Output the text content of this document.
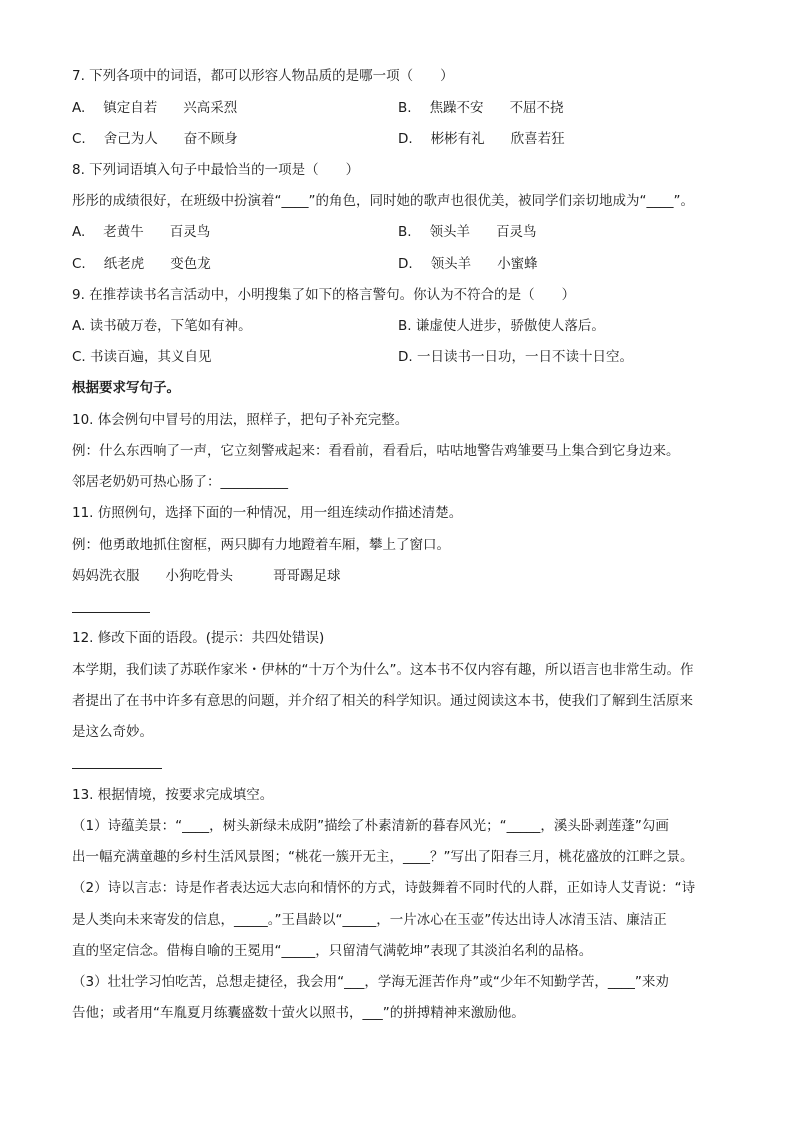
7. 下列各项中的词语，都可以形容人物品质的是哪一项（　　）
A. 镇定自若 兴高采烈	B. 焦躁不安 不屈不挠
C. 舍己为人 奋不顾身	D. 彬彬有礼 欣喜若狂
8. 下列词语填入句子中最恰当的一项是（　　）
彤彤的成绩很好，在班级中扮演着“____”的角色，同时她的歌声也很优美，被同学们亲切地成为“____”。
A. 老黄牛 百灵鸟	B. 领头羊 百灵鸟
C. 纸老虎 变色龙	D. 领头羊 小蜜蜂
9. 在推荐读书名言活动中，小明搜集了如下的格言警句。你认为不符合的是（　　）
A. 读书破万卷，下笔如有神。	B. 谦虚使人进步，骄傲使人落后。
C. 书读百遍，其义自见	D. 一日读书一日功，一日不读十日空。
根据要求写句子。
10. 体会例句中冒号的用法，照样子，把句子补充完整。
例：什么东西响了一声，它立刻警戒起来：看看前，看看后，咕咕地警告鸡雏要马上集合到它身边来。
邻居老奶奶可热心肠了：__________
11. 仿照例句，选择下面的一种情况，用一组连续动作描述清楚。
例：他勇敢地抓住窗框，两只脚有力地蹬着车厢，攀上了窗口。
妈妈洗衣服 小狗吃骨头	哥哥踢足球
12. 修改下面的语段。(提示：共四处错误)
本学期，我们读了苏联作家米・伊林的“十万个为什么”。这本书不仅内容有趣，所以语言也非常生动。作
者提出了在书中许多有意思的问题，并介绍了相关的科学知识。通过阅读这本书，使我们了解到生活原来
是这么奇妙。
13. 根据情境，按要求完成填空。
（1）诗蕴美景：“____，树头新绿未成阴”描绘了朴素清新的暮春风光；“_____，溪头卧剥莲蓬”勾画
出一幅充满童趣的乡村生活风景图；“桃花一簇开无主，____？”写出了阳春三月，桃花盛放的江畔之景。
（2）诗以言志：诗是作者表达远大志向和情怀的方式，诗鼓舞着不同时代的人群，正如诗人艾青说：“诗
是人类向未来寄发的信息，_____。”王昌龄以“_____，一片冰心在玉壶”传达出诗人冰清玉洁、廉洁正
直的坚定信念。借梅自喻的王冕用“_____，只留清气满乾坤”表现了其淡泊名利的品格。
（3）壮壮学习怕吃苦，总想走捷径，我会用“___，学海无涯苦作舟”或“少年不知勤学苦，____”来劝
告他；或者用“车胤夏月练囊盛数十萤火以照书，___”的拼搏精神来激励他。
